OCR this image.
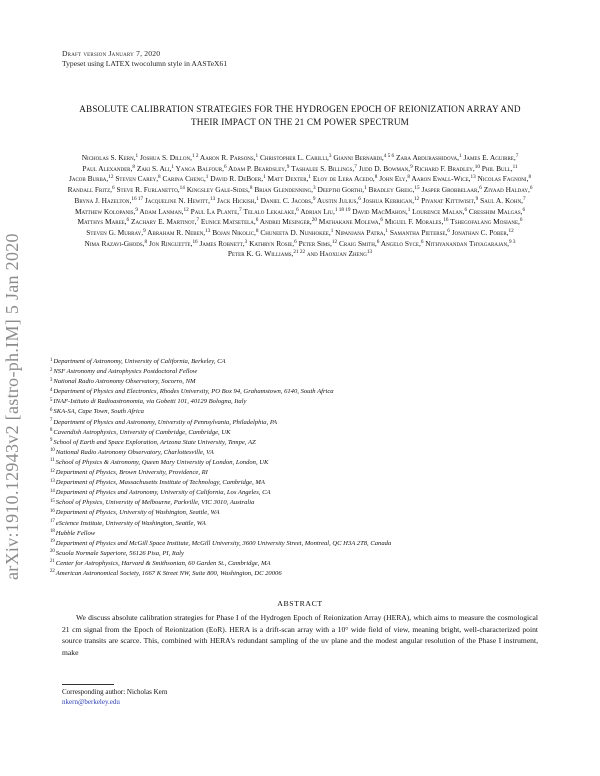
arXiv:1910.12943v2 [astro-ph.IM] 5 Jan 2020
Draft version January 7, 2020
Typeset using LATEX twocolumn style in AASTeX61
ABSOLUTE CALIBRATION STRATEGIES FOR THE HYDROGEN EPOCH OF REIONIZATION ARRAY AND THEIR IMPACT ON THE 21 CM POWER SPECTRUM
Nicholas S. Kern,$^1$ Joshua S. Dillon,$^{1 2}$ Aaron R. Parsons,$^1$ Christopher L. Carilli,$^3$ Gianni Bernardi,$^{4 5 6}$ Zara Abdurashidova,$^1$ James E. Aguirre,$^7$ Paul Alexander,$^8$ Zaki S. Ali,$^1$ Yanga Balfour,$^6$ Adam P. Beardsley,$^9$ Tashalee S. Billings,$^7$ Judd D. Bowman,$^9$ Richard F. Bradley,$^{10}$ Phil Bull,$^{11}$ Jacob Burba,$^{12}$ Steven Carey,$^8$ Carina Cheng,$^1$ David R. DeBoer,$^1$ Matt Dexter,$^1$ Eloy de Lera Acedo,$^8$ John Ely,$^8$ Aaron Ewall-Wice,$^{13}$ Nicolas Fagnoni,$^8$ Randall Fritz,$^6$ Steve R. Furlanetto,$^{14}$ Kingsley Gale-Sides,$^8$ Brian Glendenning,$^3$ Deepthi Gorthi,$^1$ Bradley Greig,$^{15}$ Jasper Grobbelaar,$^6$ Ziyaad Halday,$^6$ Bryna J. Hazelton,$^{16 17}$ Jacqueline N. Hewitt,$^{13}$ Jack Hickish,$^1$ Daniel C. Jacobs,$^9$ Austin Julius,$^6$ Joshua Kerrigan,$^{12}$ Piyanat Kittiwisit,$^9$ Saul A. Kohn,$^7$ Matthew Kolopanis,$^9$ Adam Lanman,$^{12}$ Paul La Plante,$^7$ Telalo Lekalake,$^6$ Adrian Liu,$^{1 18 19}$ David MacMahon,$^1$ Lourence Malan,$^6$ Cresshim Malgas,$^6$ Matthys Maree,$^6$ Zachary E. Martinot,$^7$ Eunice Matsetela,$^6$ Andrei Mesinger,$^{20}$ Mathakane Molewa,$^6$ Miguel F. Morales,$^{16}$ Tshegofalang Mosiane,$^6$ Steven G. Murray,$^9$ Abraham R. Neben,$^{13}$ Bojan Nikolic,$^8$ Chuneeta D. Nunhokee,$^1$ Nipanjana Patra,$^1$ Samantha Pieterse,$^6$ Jonathan C. Pober,$^{12}$ Nima Razavi-Ghods,$^8$ Jon Ringuette,$^{16}$ James Robnett,$^3$ Kathryn Rosie,$^6$ Peter Sims,$^{12}$ Craig Smith,$^6$ Angelo Syce,$^6$ Nithyanandan Thyagarajan,$^{9 3}$ Peter K. G. Williams,$^{21 22}$ and Haoxuan Zheng$^{13}$
$^1$Department of Astronomy, University of California, Berkeley, CA
$^2$NSF Astronomy and Astrophysics Postdoctoral Fellow
$^3$National Radio Astronomy Observatory, Socorro, NM
$^4$Department of Physics and Electronics, Rhodes University, PO Box 94, Grahamstown, 6140, South Africa
$^5$INAF-Istituto di Radioastronomia, via Gobetti 101, 40129 Bologna, Italy
$^6$SKA-SA, Cape Town, South Africa
$^7$Department of Physics and Astronomy, University of Pennsylvania, Philadelphia, PA
$^8$Cavendish Astrophysics, University of Cambridge, Cambridge, UK
$^9$School of Earth and Space Exploration, Arizona State University, Tempe, AZ
$^{10}$National Radio Astronomy Observatory, Charlottesville, VA
$^{11}$School of Physics & Astronomy, Queen Mary University of London, London, UK
$^{12}$Department of Physics, Brown University, Providence, RI
$^{13}$Department of Physics, Massachusetts Institute of Technology, Cambridge, MA
$^{14}$Department of Physics and Astronomy, University of California, Los Angeles, CA
$^{15}$School of Physics, University of Melbourne, Parkville, VIC 3010, Australia
$^{16}$Department of Physics, University of Washington, Seattle, WA
$^{17}$eScience Institute, University of Washington, Seattle, WA
$^{18}$Hubble Fellow
$^{19}$Department of Physics and McGill Space Institute, McGill University, 3600 University Street, Montreal, QC H3A 2T8, Canada
$^{20}$Scuola Normale Superiore, 56126 Pisa, PI, Italy
$^{21}$Center for Astrophysics, Harvard & Smithsonian, 60 Garden St., Cambridge, MA
$^{22}$American Astronomical Society, 1667 K Street NW, Suite 800, Washington, DC 20006
ABSTRACT

We discuss absolute calibration strategies for Phase I of the Hydrogen Epoch of Reionization Array (HERA), which aims to measure the cosmological 21 cm signal from the Epoch of Reionization (EoR). HERA is a drift-scan array with a 10° wide field of view, meaning bright, well-characterized point source transits are scarce. This, combined with HERA's redundant sampling of the uv plane and the modest angular resolution of the Phase I instrument, make

Corresponding author: Nicholas Kern
nkern@berkeley.edu
